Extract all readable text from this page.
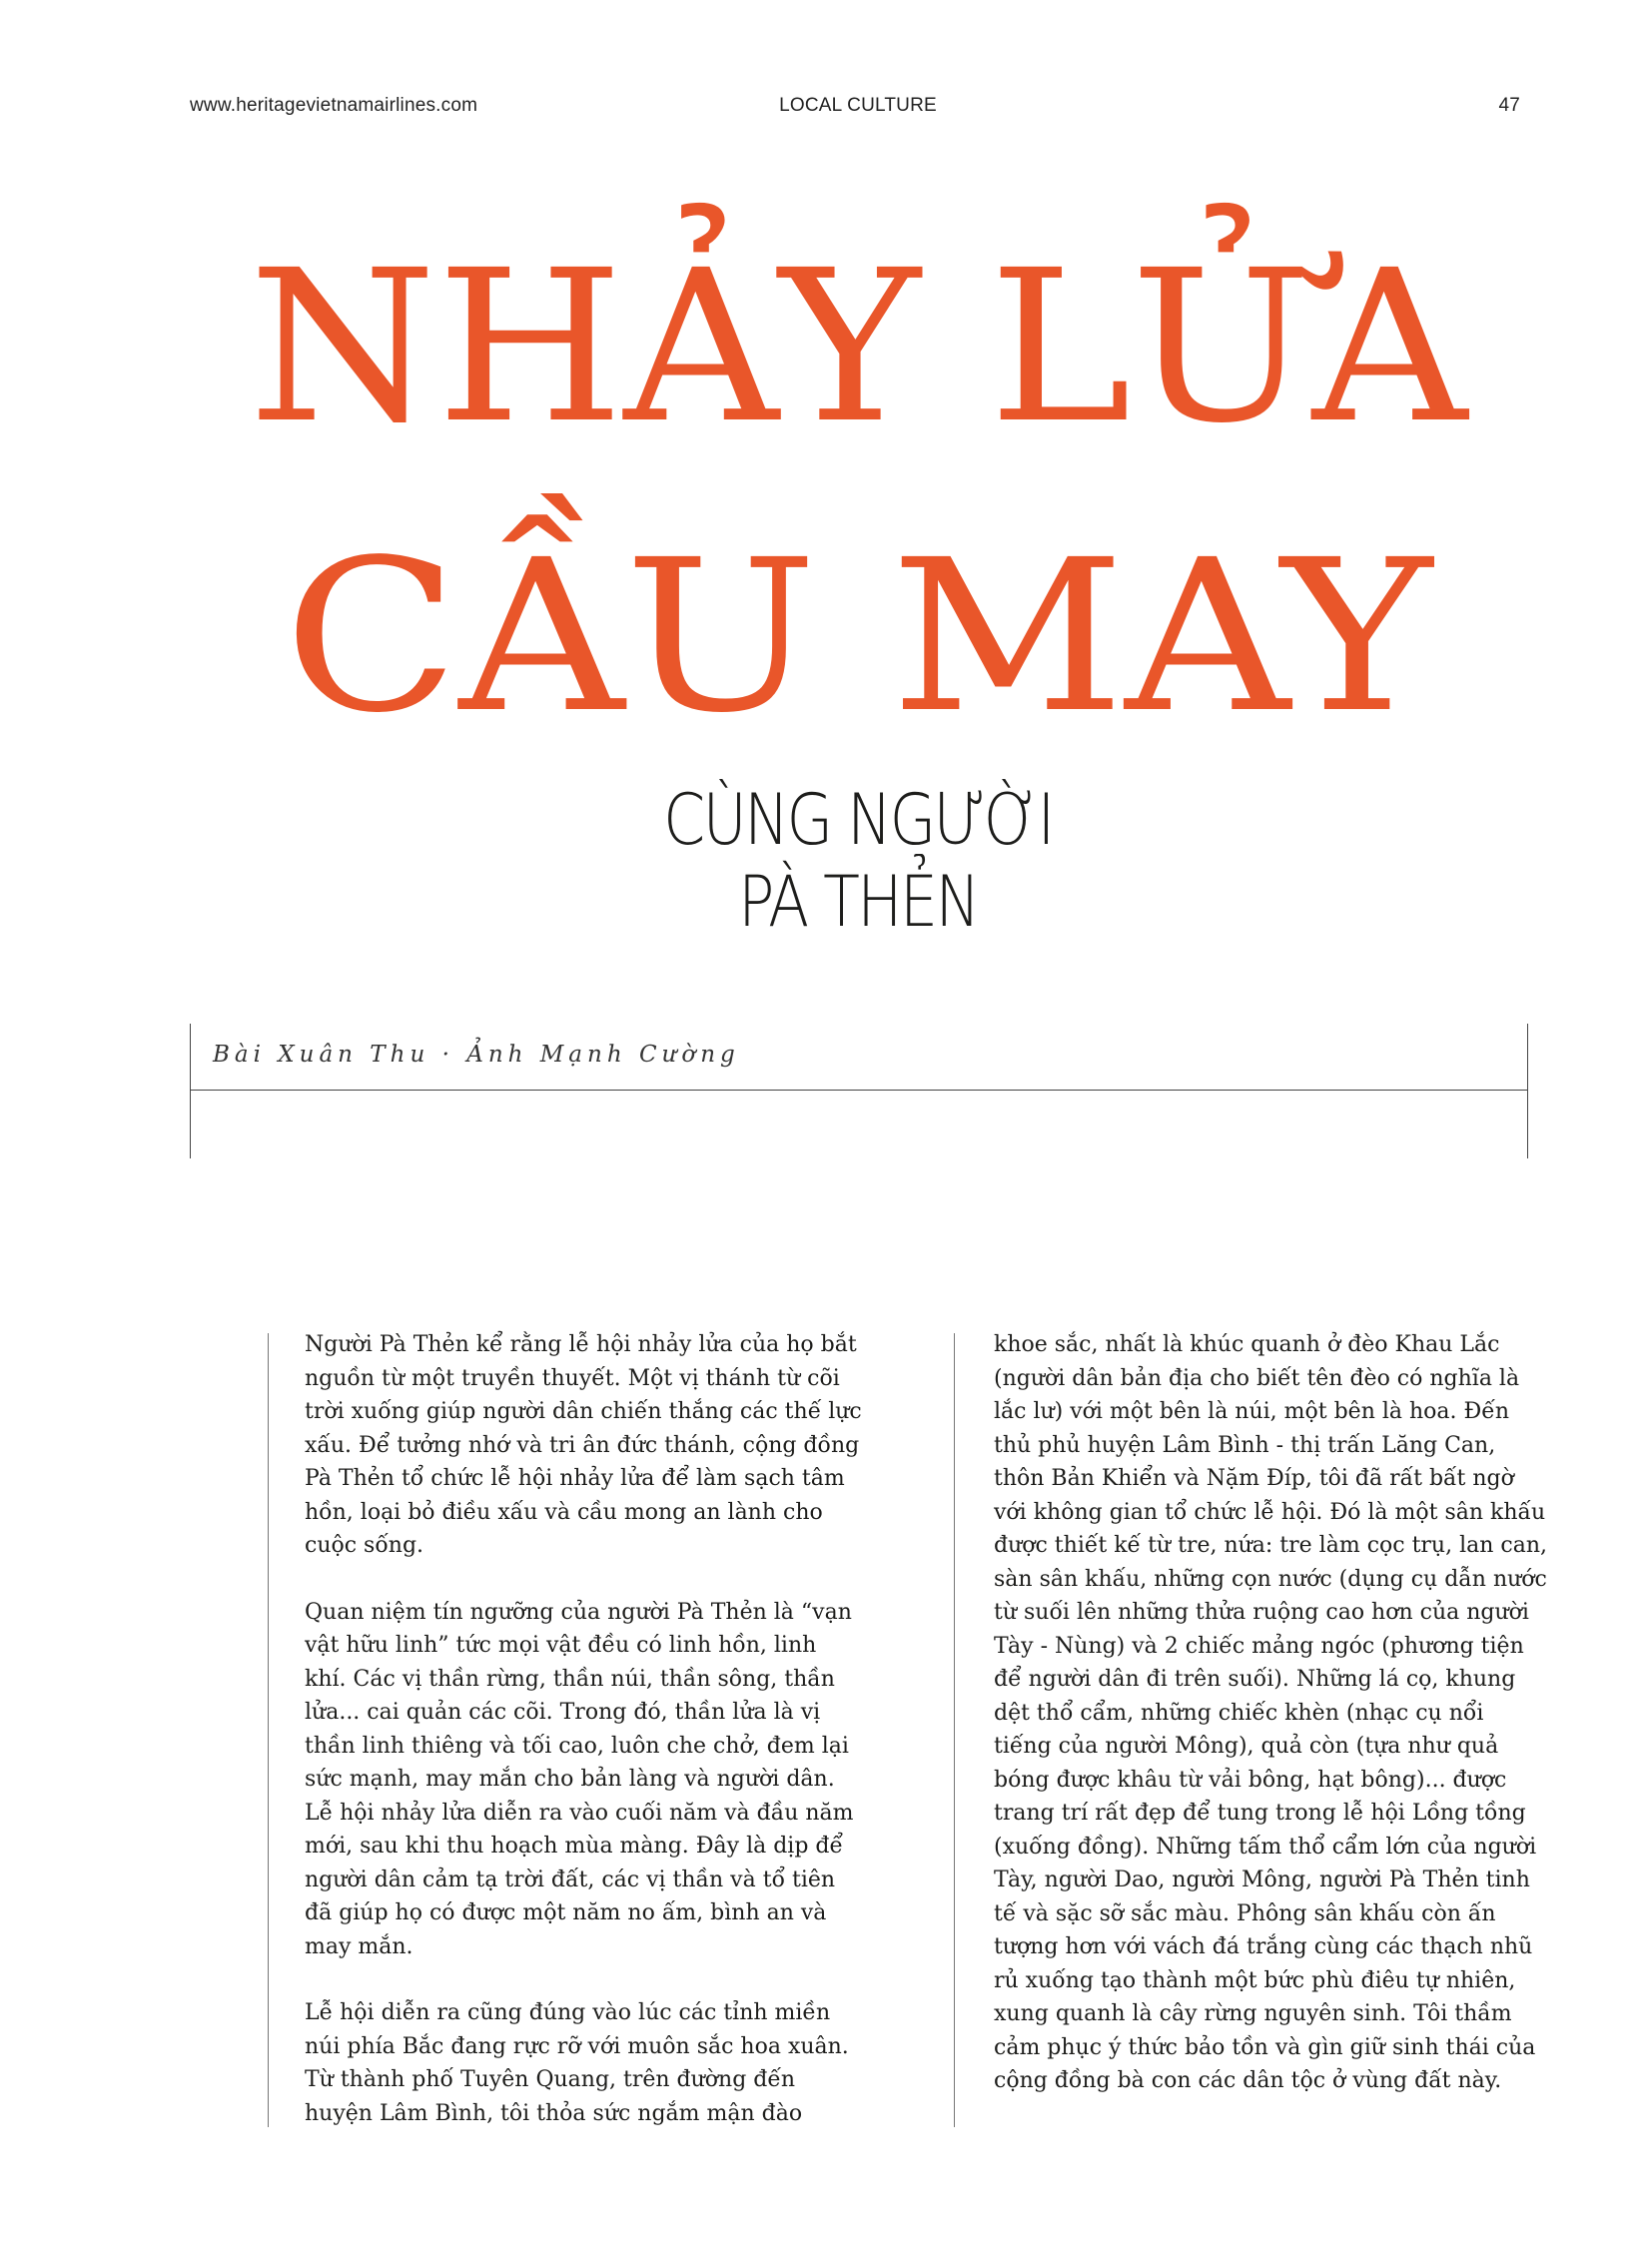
www.heritagevietnamairlines.com	LOCAL CULTURE	47
NHẢY LỬA
CẦU MAY
CÙNG NGƯỜI
PÀ THẺN
Bài Xuân Thu · Ảnh Mạnh Cường

Người Pà Thẻn kể rằng lễ hội nhảy lửa của họ bắt nguồn từ một truyền thuyết. Một vị thánh từ cõi trời xuống giúp người dân chiến thắng các thế lực xấu. Để tưởng nhớ và tri ân đức thánh, cộng đồng Pà Thẻn tổ chức lễ hội nhảy lửa để làm sạch tâm hồn, loại bỏ điều xấu và cầu mong an lành cho cuộc sống.

Quan niệm tín ngưỡng của người Pà Thẻn là “vạn vật hữu linh” tức mọi vật đều có linh hồn, linh khí. Các vị thần rừng, thần núi, thần sông, thần lửa... cai quản các cõi. Trong đó, thần lửa là vị thần linh thiêng và tối cao, luôn che chở, đem lại sức mạnh, may mắn cho bản làng và người dân. Lễ hội nhảy lửa diễn ra vào cuối năm và đầu năm mới, sau khi thu hoạch mùa màng. Đây là dịp để người dân cảm tạ trời đất, các vị thần và tổ tiên đã giúp họ có được một năm no ấm, bình an và may mắn.

Lễ hội diễn ra cũng đúng vào lúc các tỉnh miền núi phía Bắc đang rực rỡ với muôn sắc hoa xuân. Từ thành phố Tuyên Quang, trên đường đến huyện Lâm Bình, tôi thỏa sức ngắm mận đào

khoe sắc, nhất là khúc quanh ở đèo Khau Lắc (người dân bản địa cho biết tên đèo có nghĩa là lắc lư) với một bên là núi, một bên là hoa. Đến thủ phủ huyện Lâm Bình - thị trấn Lăng Can, thôn Bản Khiển và Nặm Đíp, tôi đã rất bất ngờ với không gian tổ chức lễ hội. Đó là một sân khấu được thiết kế từ tre, nứa: tre làm cọc trụ, lan can, sàn sân khấu, những cọn nước (dụng cụ dẫn nước từ suối lên những thửa ruộng cao hơn của người Tày - Nùng) và 2 chiếc mảng ngóc (phương tiện để người dân đi trên suối). Những lá cọ, khung dệt thổ cẩm, những chiếc khèn (nhạc cụ nổi tiếng của người Mông), quả còn (tựa như quả bóng được khâu từ vải bông, hạt bông)... được trang trí rất đẹp để tung trong lễ hội Lồng tồng (xuống đồng). Những tấm thổ cẩm lớn của người Tày, người Dao, người Mông, người Pà Thẻn tinh tế và sặc sỡ sắc màu. Phông sân khấu còn ấn tượng hơn với vách đá trắng cùng các thạch nhũ rủ xuống tạo thành một bức phù điêu tự nhiên, xung quanh là cây rừng nguyên sinh. Tôi thầm cảm phục ý thức bảo tồn và gìn giữ sinh thái của cộng đồng bà con các dân tộc ở vùng đất này.
